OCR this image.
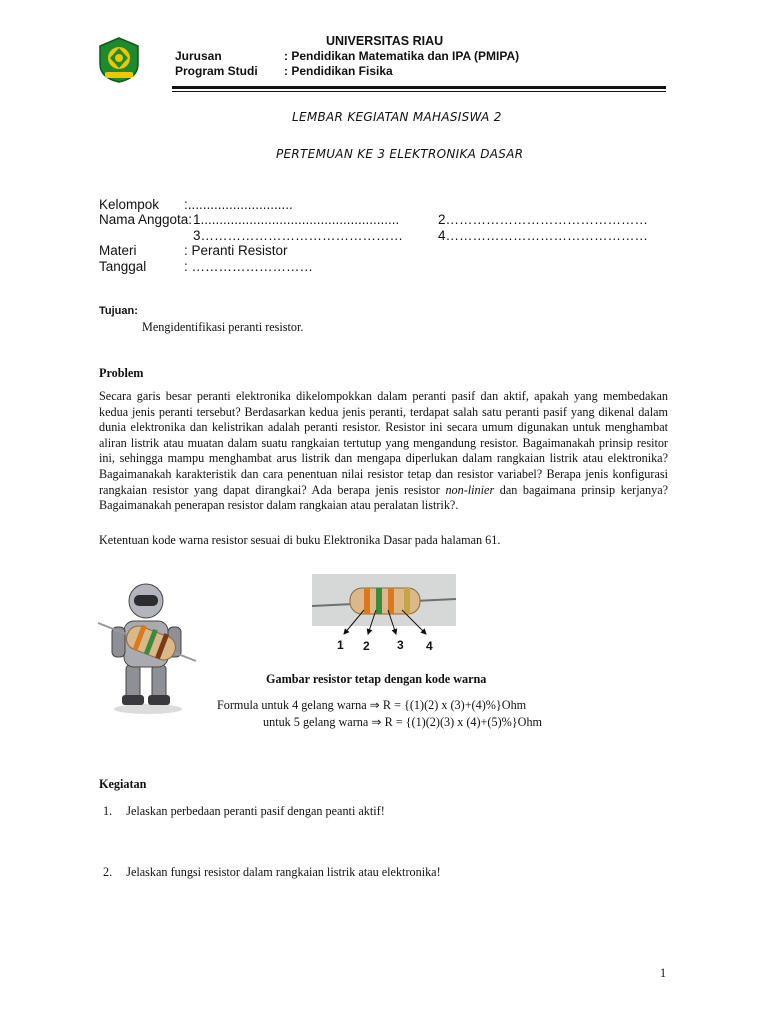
UNIVERSITAS RIAU
Jurusan	: Pendidikan Matematika dan IPA (PMIPA)
Program Studi : Pendidikan Fisika
LEMBAR KEGIATAN MAHASISWA 2
PERTEMUAN KE 3 ELEKTRONIKA DASAR
Kelompok :............................
Nama Anggota: 1.....................................................	2………………………………………
3………………………………………	4………………………………………
Materi	: Peranti Resistor
Tanggal	: ………………………
Tujuan:
Mengidentifikasi peranti resistor.
Problem
Secara garis besar peranti elektronika dikelompokkan dalam peranti pasif dan aktif, apakah yang membedakan kedua jenis peranti tersebut? Berdasarkan kedua jenis peranti, terdapat salah satu peranti pasif yang dikenal dalam dunia elektronika dan kelistrikan adalah peranti resistor. Resistor ini secara umum digunakan untuk menghambat aliran listrik atau muatan dalam suatu rangkaian tertutup yang mengandung resistor. Bagaimanakah prinsip resitor ini, sehingga mampu menghambat arus listrik dan mengapa diperlukan dalam rangkaian listrik atau elektronika? Bagaimanakah karakteristik dan cara penentuan nilai resistor tetap dan resistor variabel? Berapa jenis konfigurasi rangkaian resistor yang dapat dirangkai? Ada berapa jenis resistor non-linier dan bagaimana prinsip kerjanya? Bagaimanakah penerapan resistor dalam rangkaian atau peralatan listrik?.
Ketentuan kode warna resistor sesuai di buku Elektronika Dasar pada halaman 61.
1 2 3 4
Gambar resistor tetap dengan kode warna
Formula untuk 4 gelang warna ⇒ R = {(1)(2) x (3)+(4)%}Ohm
untuk 5 gelang warna ⇒ R = {(1)(2)(3) x (4)+(5)%}Ohm
Kegiatan
1. Jelaskan perbedaan peranti pasif dengan peanti aktif!
2. Jelaskan fungsi resistor dalam rangkaian listrik atau elektronika!
1
